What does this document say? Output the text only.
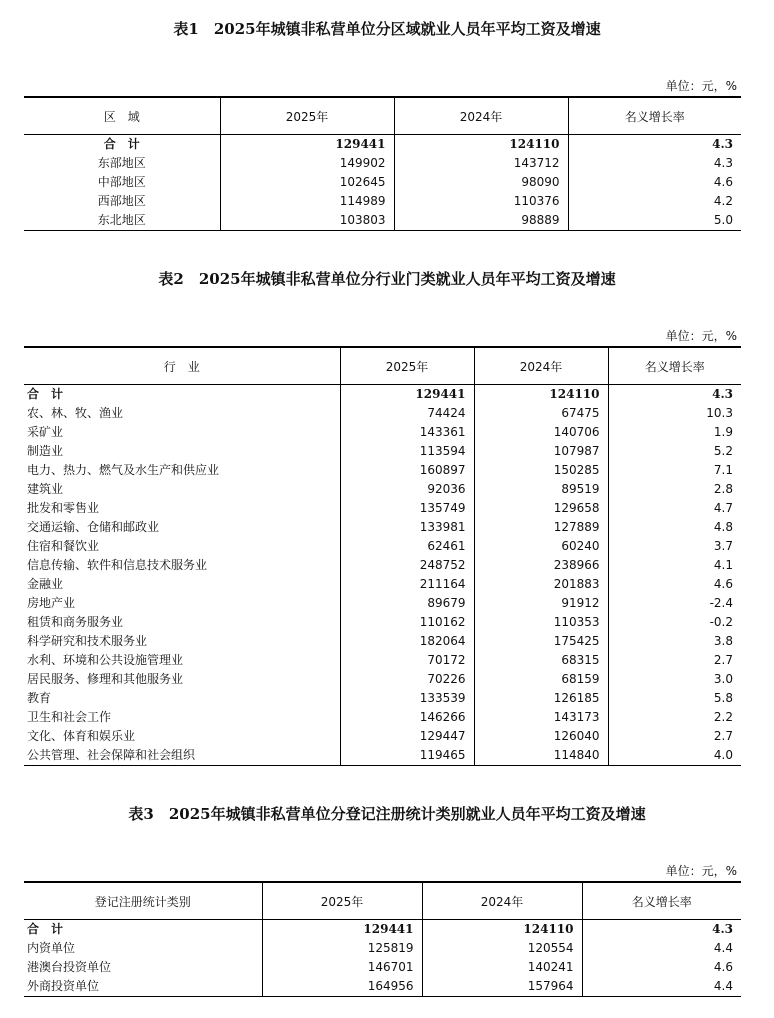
表1　2025年城镇非私营单位分区域就业人员年平均工资及增速
单位：元，%
区　域	2025年	2024年	名义增长率
合　计	129441	124110	4.3
东部地区	149902	143712	4.3
中部地区	102645	98090	4.6
西部地区	114989	110376	4.2
东北地区	103803	98889	5.0
表2　2025年城镇非私营单位分行业门类就业人员年平均工资及增速
单位：元，%
行　业	2025年	2024年	名义增长率
合　计	129441	124110	4.3
农、林、牧、渔业	74424	67475	10.3
采矿业	143361	140706	1.9
制造业	113594	107987	5.2
电力、热力、燃气及水生产和供应业	160897	150285	7.1
建筑业	92036	89519	2.8
批发和零售业	135749	129658	4.7
交通运输、仓储和邮政业	133981	127889	4.8
住宿和餐饮业	62461	60240	3.7
信息传输、软件和信息技术服务业	248752	238966	4.1
金融业	211164	201883	4.6
房地产业	89679	91912	-2.4
租赁和商务服务业	110162	110353	-0.2
科学研究和技术服务业	182064	175425	3.8
水利、环境和公共设施管理业	70172	68315	2.7
居民服务、修理和其他服务业	70226	68159	3.0
教育	133539	126185	5.8
卫生和社会工作	146266	143173	2.2
文化、体育和娱乐业	129447	126040	2.7
公共管理、社会保障和社会组织	119465	114840	4.0
表3　2025年城镇非私营单位分登记注册统计类别就业人员年平均工资及增速
单位：元，%
登记注册统计类别	2025年	2024年	名义增长率
合　计	129441	124110	4.3
内资单位	125819	120554	4.4
港澳台投资单位	146701	140241	4.6
外商投资单位	164956	157964	4.4
